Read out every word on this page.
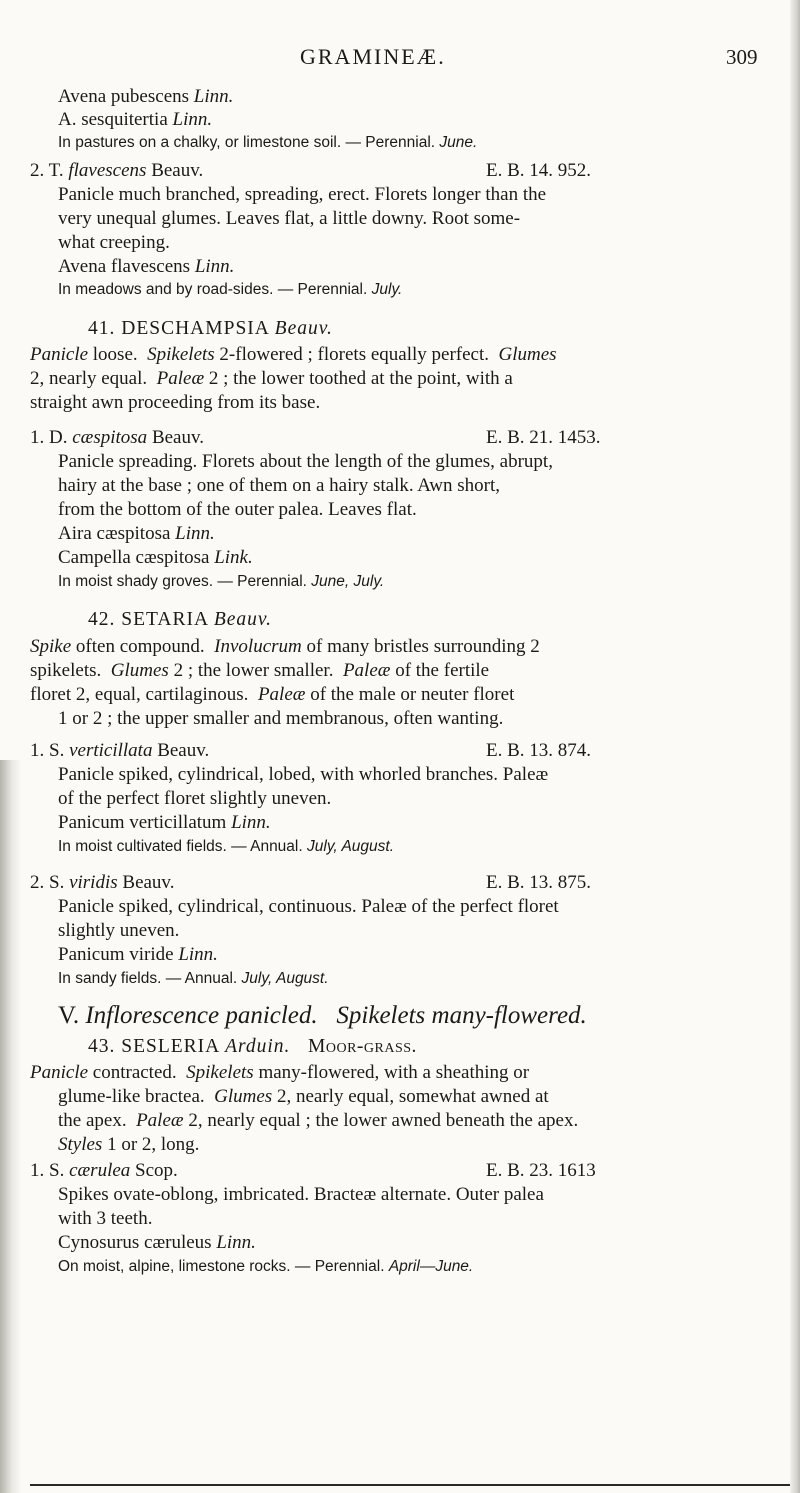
GRAMINEÆ.	309
Avena pubescens Linn.
A. sesquitertia Linn.
In pastures on a chalky, or limestone soil. — Perennial. June.
2. T. flavescens Beauv.	E. B. 14. 952.
Panicle much branched, spreading, erect. Florets longer than the
very unequal glumes. Leaves flat, a little downy. Root some-
what creeping.
Avena flavescens Linn.
In meadows and by road-sides. — Perennial. July.
41. DESCHAMPSIA Beauv.
Panicle loose. Spikelets 2-flowered ; florets equally perfect. Glumes
2, nearly equal. Paleæ 2 ; the lower toothed at the point, with a
straight awn proceeding from its base.
1. D. cæspitosa Beauv.	E. B. 21. 1453.
Panicle spreading. Florets about the length of the glumes, abrupt,
hairy at the base ; one of them on a hairy stalk. Awn short,
from the bottom of the outer palea. Leaves flat.
Aira cæspitosa Linn.
Campella cæspitosa Link.
In moist shady groves. — Perennial. June, July.
42. SETARIA Beauv.
Spike often compound. Involucrum of many bristles surrounding 2
spikelets. Glumes 2 ; the lower smaller. Paleæ of the fertile
floret 2, equal, cartilaginous. Paleæ of the male or neuter floret
1 or 2 ; the upper smaller and membranous, often wanting.
1. S. verticillata Beauv.	E. B. 13. 874.
Panicle spiked, cylindrical, lobed, with whorled branches. Paleæ
of the perfect floret slightly uneven.
Panicum verticillatum Linn.
In moist cultivated fields. — Annual. July, August.
2. S. viridis Beauv.	E. B. 13. 875.
Panicle spiked, cylindrical, continuous. Paleæ of the perfect floret
slightly uneven.
Panicum viride Linn.
In sandy fields. — Annual. July, August.
V. Inflorescence panicled. Spikelets many-flowered.
43. SESLERIA Arduin. Moor-grass.
Panicle contracted. Spikelets many-flowered, with a sheathing or
glume-like bractea. Glumes 2, nearly equal, somewhat awned at
the apex. Paleæ 2, nearly equal ; the lower awned beneath the apex.
Styles 1 or 2, long.
1. S. cærulea Scop.	E. B. 23. 1613
Spikes ovate-oblong, imbricated. Bracteæ alternate. Outer palea
with 3 teeth.
Cynosurus cæruleus Linn.
On moist, alpine, limestone rocks. — Perennial. April—June.
